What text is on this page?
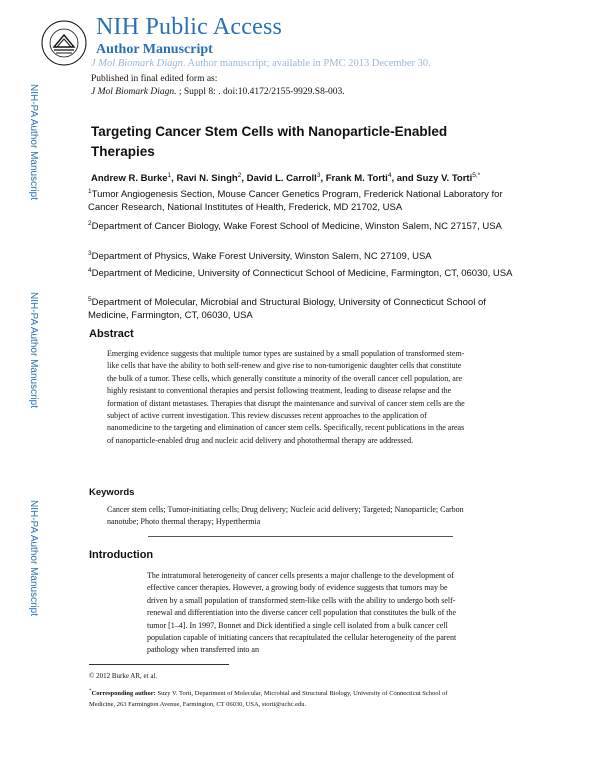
NIH Public Access
Author Manuscript
J Mol Biomark Diagn. Author manuscript; available in PMC 2013 December 30.
NIH-PA Author Manuscript
NIH-PA Author Manuscript
NIH-PA Author Manuscript
Published in final edited form as:
J Mol Biomark Diagn. ; Suppl 8: . doi:10.4172/2155-9929.S8-003.
Targeting Cancer Stem Cells with Nanoparticle-Enabled Therapies
Andrew R. Burke$^1$, Ravi N. Singh$^2$, David L. Carroll$^3$, Frank M. Torti$^4$, and Suzy V. Torti$^{5,*}$
$^1$Tumor Angiogenesis Section, Mouse Cancer Genetics Program, Frederick National Laboratory for Cancer Research, National Institutes of Health, Frederick, MD 21702, USA
$^2$Department of Cancer Biology, Wake Forest School of Medicine, Winston Salem, NC 27157, USA
$^3$Department of Physics, Wake Forest University, Winston Salem, NC 27109, USA
$^4$Department of Medicine, University of Connecticut School of Medicine, Farmington, CT, 06030, USA
$^5$Department of Molecular, Microbial and Structural Biology, University of Connecticut School of Medicine, Farmington, CT, 06030, USA
Abstract
Emerging evidence suggests that multiple tumor types are sustained by a small population of transformed stem-like cells that have the ability to both self-renew and give rise to non-tumorigenic daughter cells that constitute the bulk of a tumor. These cells, which generally constitute a minority of the overall cancer cell population, are highly resistant to conventional therapies and persist following treatment, leading to disease relapse and the formation of distant metastases. Therapies that disrupt the maintenance and survival of cancer stem cells are the subject of active current investigation. This review discusses recent approaches to the application of nanomedicine to the targeting and elimination of cancer stem cells. Specifically, recent publications in the areas of nanoparticle-enabled drug and nucleic acid delivery and photothermal therapy are addressed.
Keywords
Cancer stem cells; Tumor-initiating cells; Drug delivery; Nucleic acid delivery; Targeted; Nanoparticle; Carbon nanotube; Photo thermal therapy; Hyperthermia
Introduction
The intratumoral heterogeneity of cancer cells presents a major challenge to the development of effective cancer therapies. However, a growing body of evidence suggests that tumors may be driven by a small population of transformed stem-like cells with the ability to undergo both self-renewal and differentiation into the diverse cancer cell population that constitutes the bulk of the tumor [1–4]. In 1997, Bonnet and Dick identified a single cell isolated from a bulk cancer cell population capable of initiating cancers that recapitulated the cellular heterogeneity of the parent pathology when transferred into an
© 2012 Burke AR, et al.
*Corresponding author: Suzy V. Torti, Department of Molecular, Microbial and Structural Biology, University of Connecticut School of Medicine, 263 Farmington Avenue, Farmington, CT 06030, USA, storti@uchc.edu.
